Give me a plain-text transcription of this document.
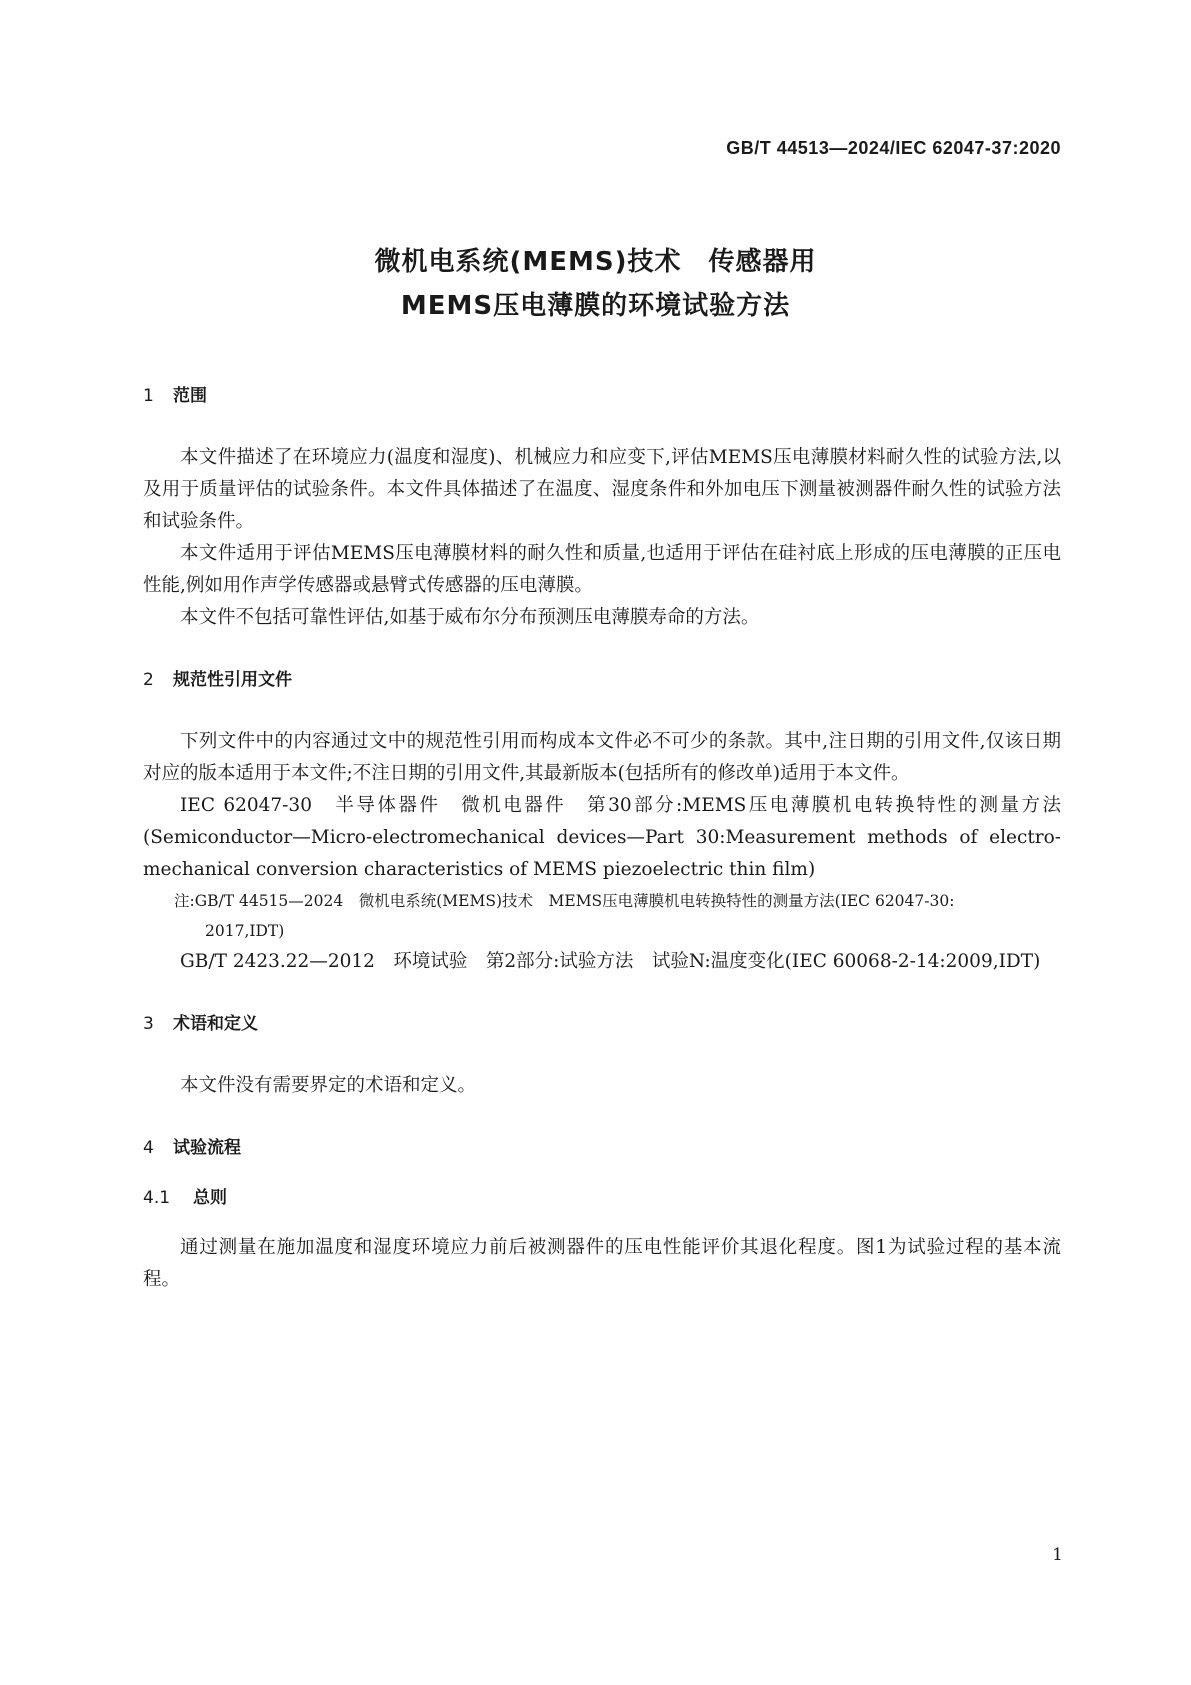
GB/T 44513—2024/IEC 62047-37:2020
微机电系统(MEMS)技术　传感器用
MEMS压电薄膜的环境试验方法
1 范围

本文件描述了在环境应力(温度和湿度)、机械应力和应变下,评估MEMS压电薄膜材料耐久性的试验方法,以及用于质量评估的试验条件。本文件具体描述了在温度、湿度条件和外加电压下测量被测器件耐久性的试验方法和试验条件。

本文件适用于评估MEMS压电薄膜材料的耐久性和质量,也适用于评估在硅衬底上形成的压电薄膜的正压电性能,例如用作声学传感器或悬臂式传感器的压电薄膜。

本文件不包括可靠性评估,如基于威布尔分布预测压电薄膜寿命的方法。

2 规范性引用文件

下列文件中的内容通过文中的规范性引用而构成本文件必不可少的条款。其中,注日期的引用文件,仅该日期对应的版本适用于本文件;不注日期的引用文件,其最新版本(包括所有的修改单)适用于本文件。

IEC 62047-30　半导体器件　微机电器件　第30部分:MEMS压电薄膜机电转换特性的测量方法(Semiconductor—Micro-electromechanical devices—Part 30:Measurement methods of electro-mechanical conversion characteristics of MEMS piezoelectric thin film)

注:GB/T 44515—2024　微机电系统(MEMS)技术　MEMS压电薄膜机电转换特性的测量方法(IEC 62047-30:
2017,IDT)

GB/T 2423.22—2012　环境试验　第2部分:试验方法　试验N:温度变化(IEC 60068-2-14:2009,IDT)

3 术语和定义

本文件没有需要界定的术语和定义。

4 试验流程
4.1 总则

通过测量在施加温度和湿度环境应力前后被测器件的压电性能评价其退化程度。图1为试验过程的基本流程。

1
